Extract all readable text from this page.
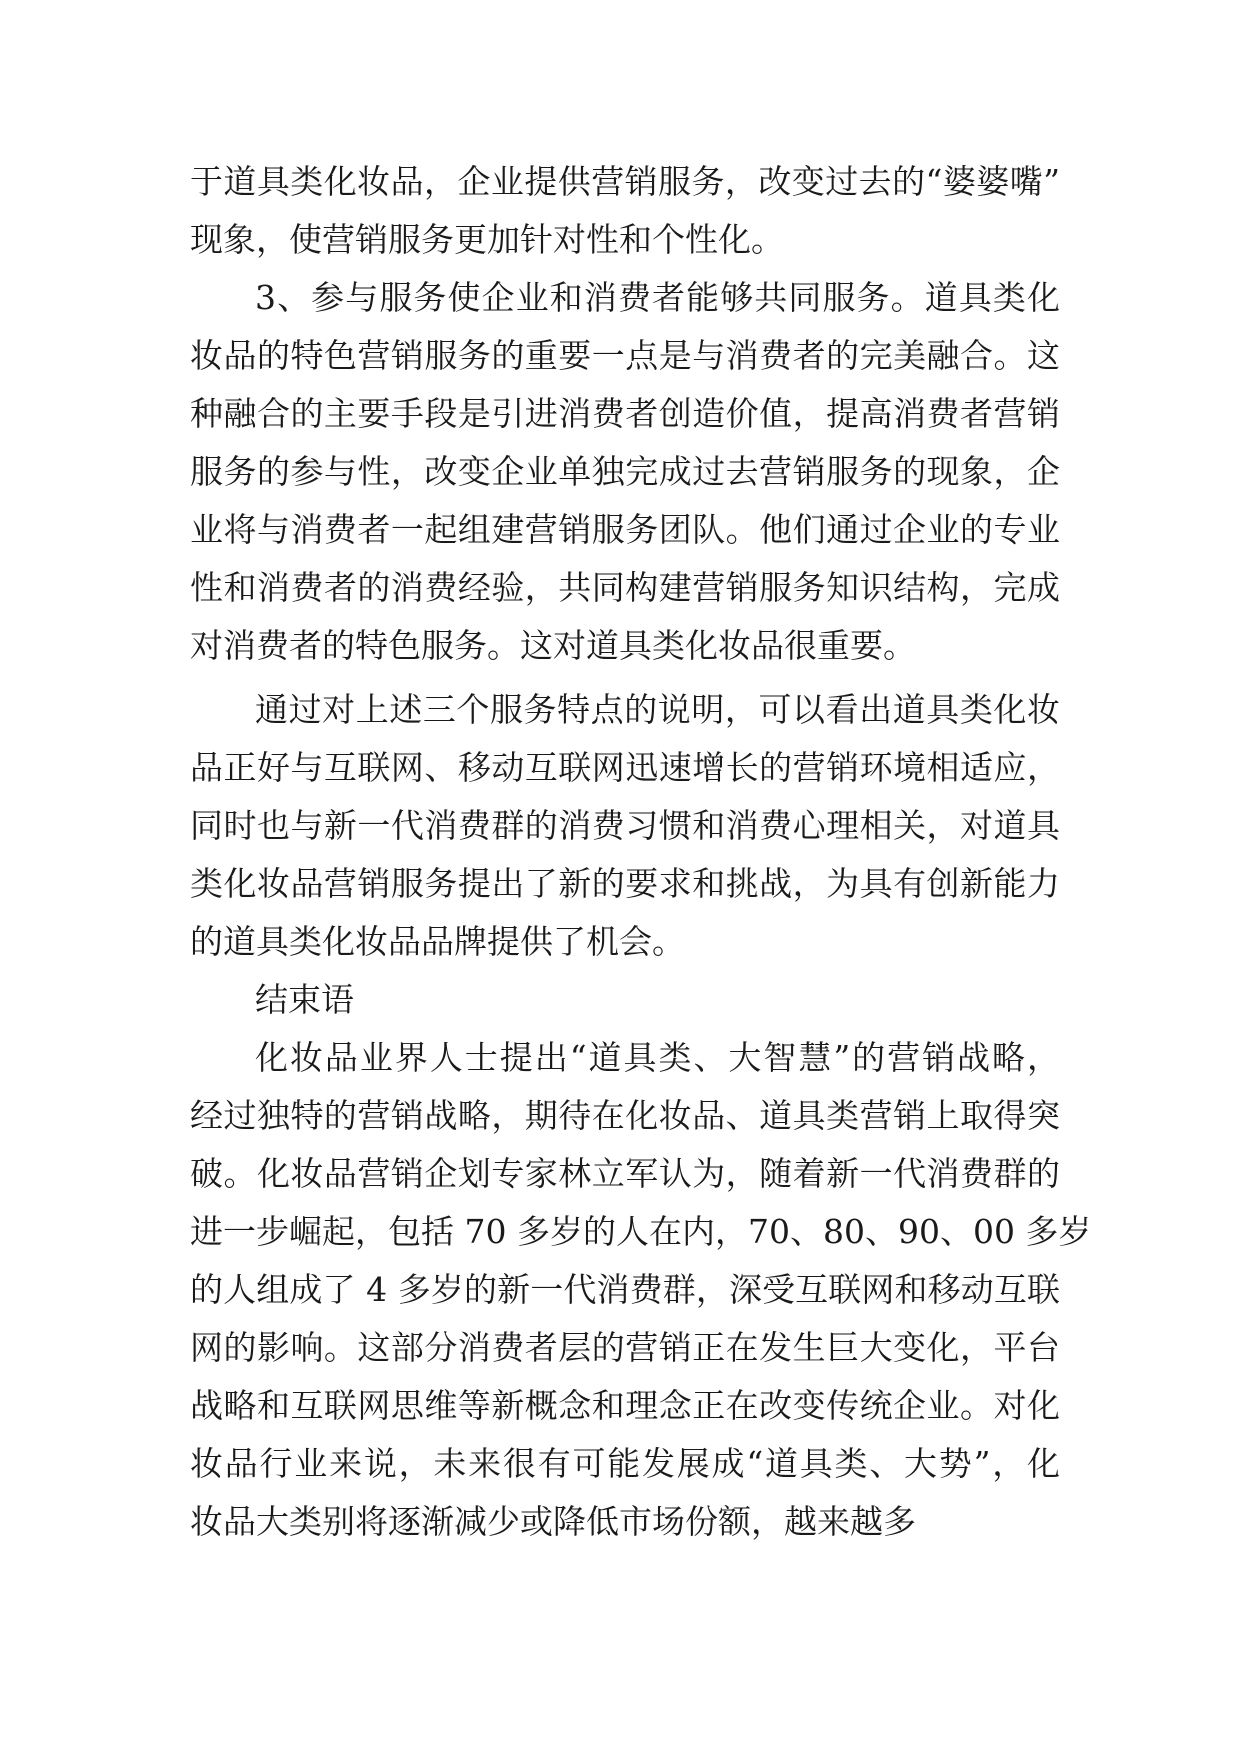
于道具类化妆品，企业提供营销服务，改变过去的“婆婆嘴”
现象，使营销服务更加针对性和个性化。
3、参与服务使企业和消费者能够共同服务。道具类化
妆品的特色营销服务的重要一点是与消费者的完美融合。这
种融合的主要手段是引进消费者创造价值，提高消费者营销
服务的参与性，改变企业单独完成过去营销服务的现象，企
业将与消费者一起组建营销服务团队。他们通过企业的专业
性和消费者的消费经验，共同构建营销服务知识结构，完成
对消费者的特色服务。这对道具类化妆品很重要。
通过对上述三个服务特点的说明，可以看出道具类化妆
品正好与互联网、移动互联网迅速增长的营销环境相适应，
同时也与新一代消费群的消费习惯和消费心理相关，对道具
类化妆品营销服务提出了新的要求和挑战，为具有创新能力
的道具类化妆品品牌提供了机会。
结束语
化妆品业界人士提出“道具类、大智慧”的营销战略，
经过独特的营销战略，期待在化妆品、道具类营销上取得突
破。化妆品营销企划专家林立军认为，随着新一代消费群的
进一步崛起，包括 70 多岁的人在内，70、80、90、00 多岁
的人组成了 4 多岁的新一代消费群，深受互联网和移动互联
网的影响。这部分消费者层的营销正在发生巨大变化，平台
战略和互联网思维等新概念和理念正在改变传统企业。对化
妆品行业来说，未来很有可能发展成“道具类、大势”，化
妆品大类别将逐渐减少或降低市场份额，越来越多
